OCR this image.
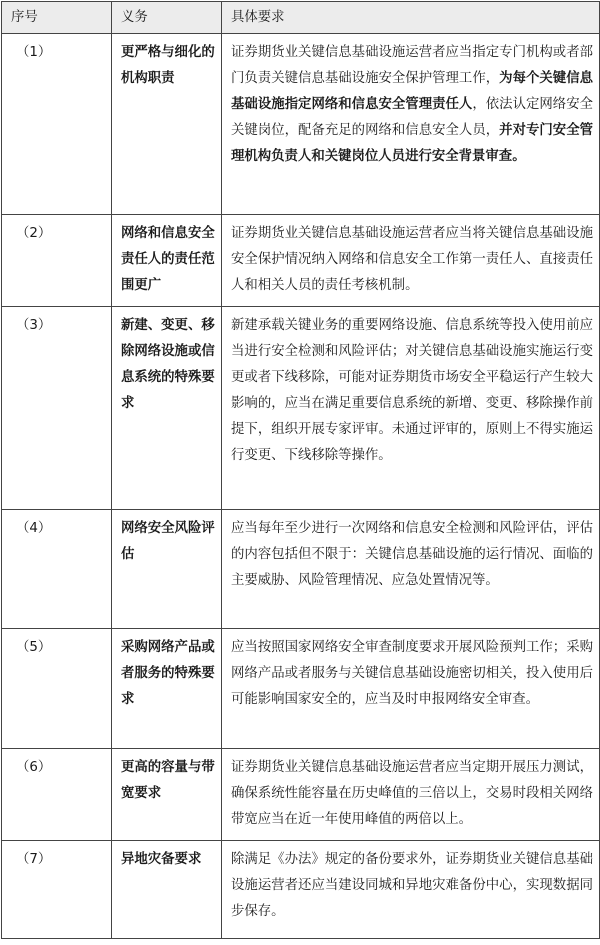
序号	义务	具体要求
（1）	更严格与细化的机构职责	证券期货业关键信息基础设施运营者应当指定专门机构或者部门负责关键信息基础设施安全保护管理工作，为每个关键信息基础设施指定网络和信息安全管理责任人，依法认定网络安全关键岗位，配备充足的网络和信息安全人员，并对专门安全管理机构负责人和关键岗位人员进行安全背景审查。
（2）	网络和信息安全责任人的责任范围更广	证券期货业关键信息基础设施运营者应当将关键信息基础设施安全保护情况纳入网络和信息安全工作第一责任人、直接责任人和相关人员的责任考核机制。
（3）	新建、变更、移除网络设施或信息系统的特殊要求	新建承载关键业务的重要网络设施、信息系统等投入使用前应当进行安全检测和风险评估；对关键信息基础设施实施运行变更或者下线移除，可能对证券期货市场安全平稳运行产生较大影响的，应当在满足重要信息系统的新增、变更、移除操作前提下，组织开展专家评审。未通过评审的，原则上不得实施运行变更、下线移除等操作。
（4）	网络安全风险评估	应当每年至少进行一次网络和信息安全检测和风险评估，评估的内容包括但不限于：关键信息基础设施的运行情况、面临的主要威胁、风险管理情况、应急处置情况等。
（5）	采购网络产品或者服务的特殊要求	应当按照国家网络安全审查制度要求开展风险预判工作；采购网络产品或者服务与关键信息基础设施密切相关，投入使用后可能影响国家安全的，应当及时申报网络安全审查。
（6）	更高的容量与带宽要求	证券期货业关键信息基础设施运营者应当定期开展压力测试，确保系统性能容量在历史峰值的三倍以上，交易时段相关网络带宽应当在近一年使用峰值的两倍以上。
（7）	异地灾备要求	除满足《办法》规定的备份要求外，证券期货业关键信息基础设施运营者还应当建设同城和异地灾难备份中心，实现数据同步保存。
